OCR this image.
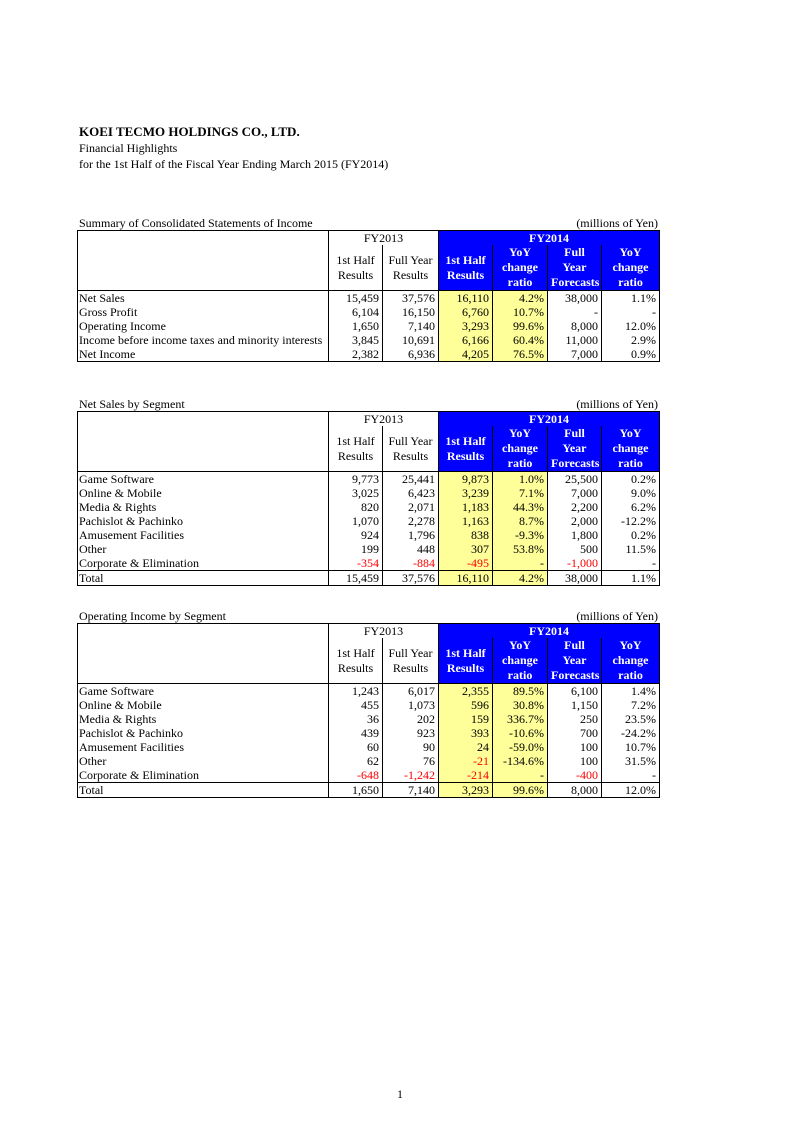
KOEI TECMO HOLDINGS CO., LTD.
Financial Highlights
for the 1st Half of the Fiscal Year Ending March 2015 (FY2014)
Summary of Consolidated Statements of Income	(millions of Yen)
	FY2013		FY2014			
	1st Half Results	Full Year Results	1st Half Results	YoY change ratio	Full Year Forecasts	YoY change ratio
Net Sales	15,459	37,576	16,110	4.2%	38,000	1.1%
Gross Profit	6,104	16,150	6,760	10.7%	-	-
Operating Income	1,650	7,140	3,293	99.6%	8,000	12.0%
Income before income taxes and minority interests	3,845	10,691	6,166	60.4%	11,000	2.9%
Net Income	2,382	6,936	4,205	76.5%	7,000	0.9%
Net Sales by Segment	(millions of Yen)
	FY2013		FY2014			
	1st Half Results	Full Year Results	1st Half Results	YoY change ratio	Full Year Forecasts	YoY change ratio
Game Software	9,773	25,441	9,873	1.0%	25,500	0.2%
Online & Mobile	3,025	6,423	3,239	7.1%	7,000	9.0%
Media & Rights	820	2,071	1,183	44.3%	2,200	6.2%
Pachislot & Pachinko	1,070	2,278	1,163	8.7%	2,000	-12.2%
Amusement Facilities	924	1,796	838	-9.3%	1,800	0.2%
Other	199	448	307	53.8%	500	11.5%
Corporate & Elimination	-354	-884	-495	-	-1,000	-
Total	15,459	37,576	16,110	4.2%	38,000	1.1%
Operating Income by Segment	(millions of Yen)
	FY2013		FY2014			
	1st Half Results	Full Year Results	1st Half Results	YoY change ratio	Full Year Forecasts	YoY change ratio
Game Software	1,243	6,017	2,355	89.5%	6,100	1.4%
Online & Mobile	455	1,073	596	30.8%	1,150	7.2%
Media & Rights	36	202	159	336.7%	250	23.5%
Pachislot & Pachinko	439	923	393	-10.6%	700	-24.2%
Amusement Facilities	60	90	24	-59.0%	100	10.7%
Other	62	76	-21	-134.6%	100	31.5%
Corporate & Elimination	-648	-1,242	-214	-	-400	-
Total	1,650	7,140	3,293	99.6%	8,000	12.0%
1
